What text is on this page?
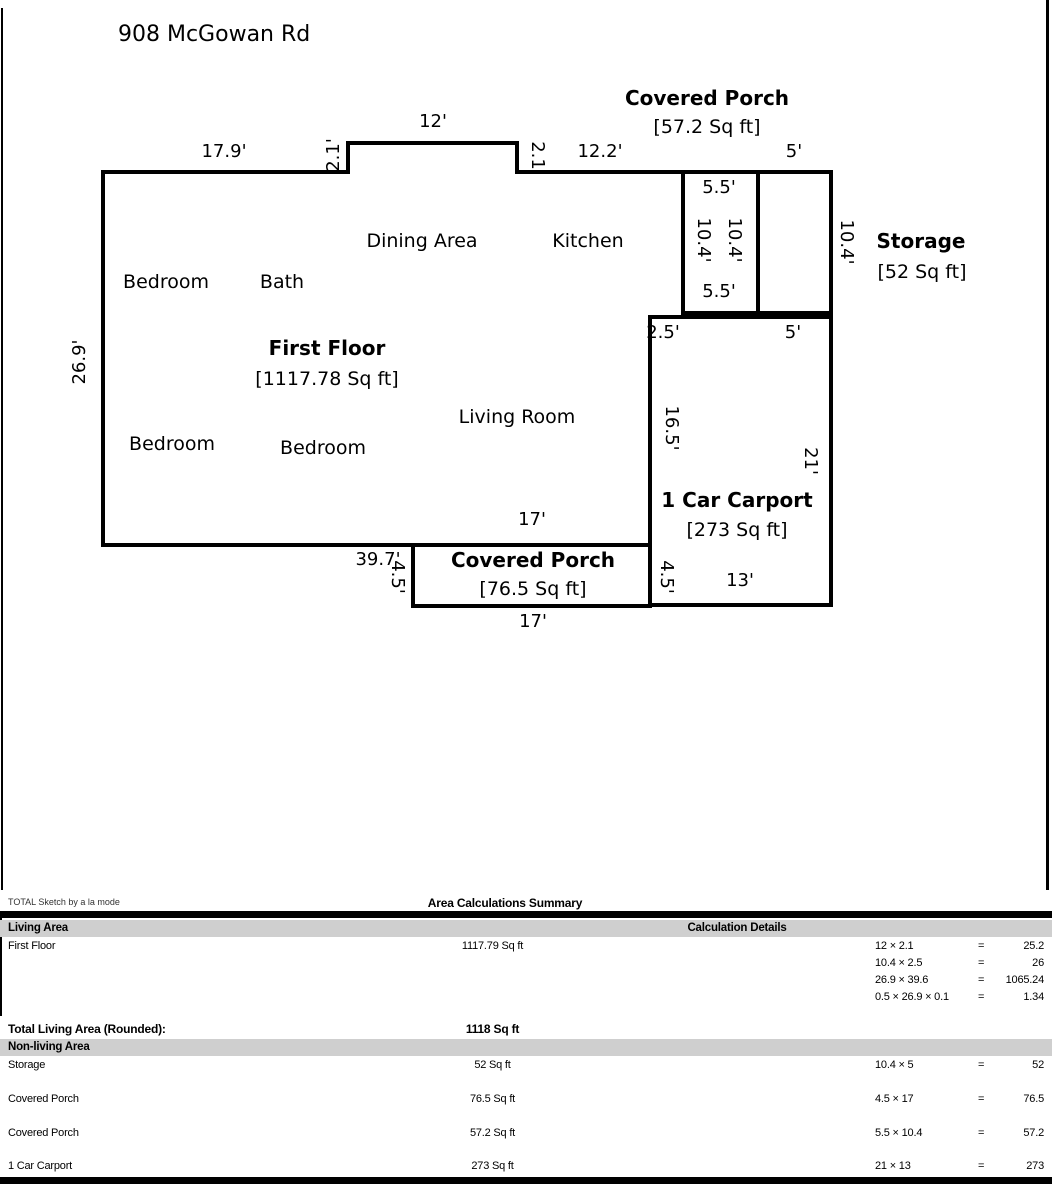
908 McGowan Rd
Covered Porch
[57.2 Sq ft]
12'
17.9'	2.1'	2.1' 12.2'	5'
5.5'
10.4' 10.4'
5.5'
10.4' Storage
[52 Sq ft]
Dining Area	Kitchen
Bedroom	Bath
Living Room
Bedroom	Bedroom
26.9'	First Floor
[1117.78 Sq ft]
2.5'	5'
16.5'
21'
1 Car Carport
[273 Sq ft]
4.5'	13'
17'
39.7'
4.5'
Covered Porch
[76.5 Sq ft]
17'
TOTAL Sketch by a la mode	Area Calculations Summary
Living Area	Calculation Details
First Floor	1117.79 Sq ft	12 × 2.1	=	25.2
10.4 × 2.5	=	26
26.9 × 39.6	=	1065.24
0.5 × 26.9 × 0.1	=	1.34
Total Living Area (Rounded):	1118 Sq ft
Non-living Area
Storage	52 Sq ft	10.4 × 5	=	52
Covered Porch	76.5 Sq ft	4.5 × 17	=	76.5
Covered Porch	57.2 Sq ft	5.5 × 10.4	=	57.2
1 Car Carport	273 Sq ft	21 × 13	=	273
